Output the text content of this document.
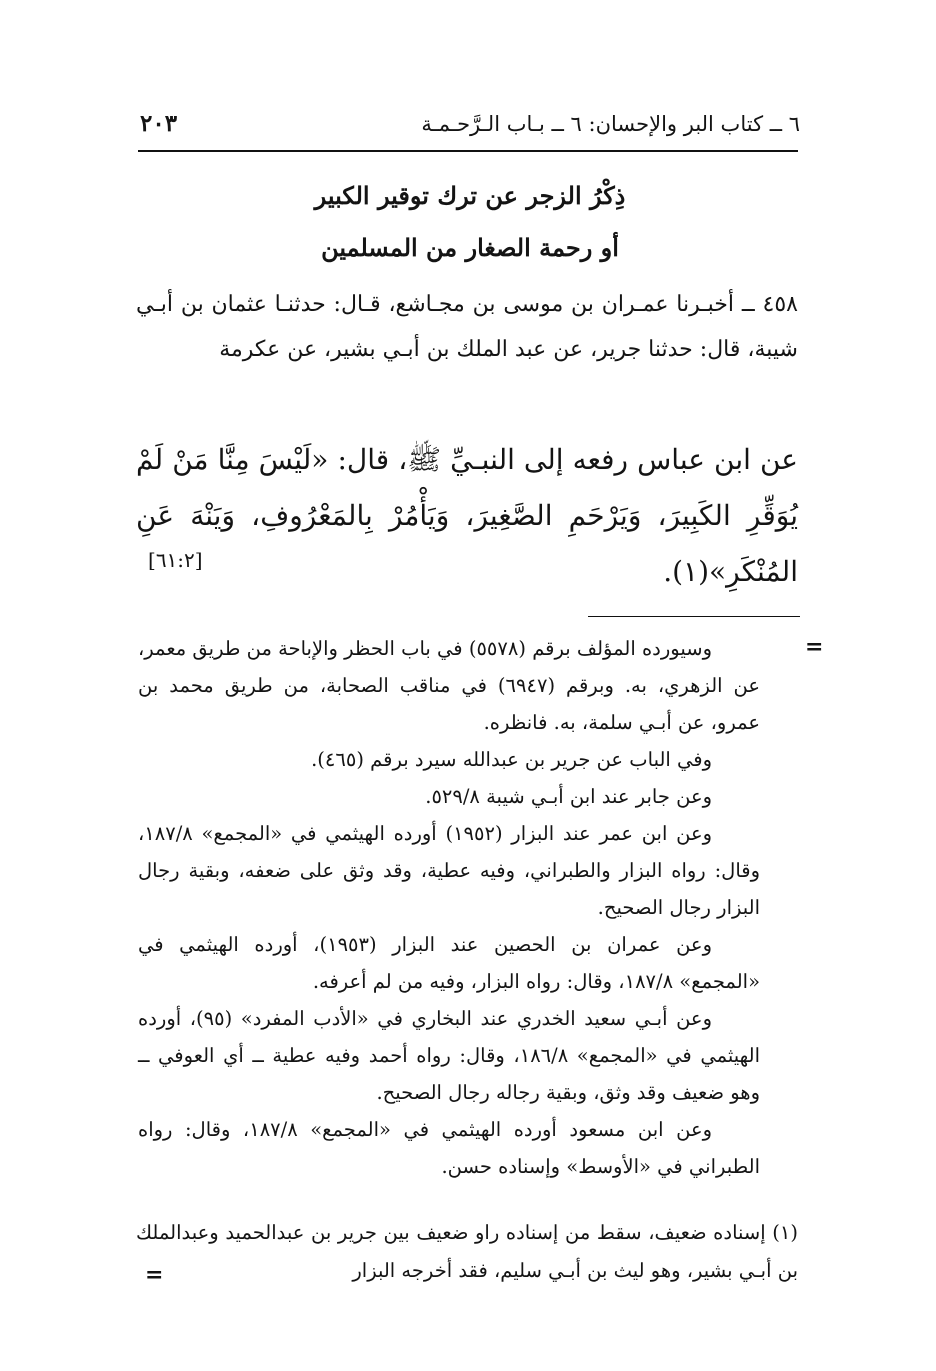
٦ ــ كتاب البر والإحسان: ٦ ــ بـاب الـرَّحـمـة
٢٠٣
ذِكْرُ الزجر عن ترك توقير الكبير
أو رحمة الصغار من المسلمين

٤٥٨ ــ أخبـرنا عمـران بن موسى بن مجـاشع، قـال: حدثنـا عثمان بن أبـي شيبة، قال: حدثنا جرير، عن عبد الملك بن أبـي بشير، عن عكرمة

عن ابن عباس رفعه إلى النبـيِّ ﷺ، قال: «لَيْسَ مِنَّا مَنْ لَمْ يُوَقِّرِ الكَبِيرَ، وَيَرْحَمِ الصَّغِيرَ، وَيَأْمُرْ بِالمَعْرُوفِ، وَيَنْهَ عَنِ المُنْكَرِ»(١).

[٦١:٢]
=

وسيورده المؤلف برقم (٥٥٧٨) في باب الحظر والإباحة من طريق معمر، عن الزهري، به. وبرقم (٦٩٤٧) في مناقب الصحابة، من طريق محمد بن عمرو، عن أبـي سلمة، به. فانظره.

وفي الباب عن جرير بن عبدالله سيرد برقم (٤٦٥).

وعن جابر عند ابن أبـي شيبة ٥٢٩/٨.

وعن ابن عمر عند البزار (١٩٥٢) أورده الهيثمي في «المجمع» ١٨٧/٨، وقال: رواه البزار والطبراني، وفيه عطية، وقد وثق على ضعفه، وبقية رجال البزار رجال الصحيح.

وعن عمران بن الحصين عند البزار (١٩٥٣)، أورده الهيثمي في «المجمع» ١٨٧/٨، وقال: رواه البزار، وفيه من لم أعرفه.

وعن أبـي سعيد الخدري عند البخاري في «الأدب المفرد» (٩٥)، أورده الهيثمي في «المجمع» ١٨٦/٨، وقال: رواه أحمد وفيه عطية ــ أي العوفي ــ وهو ضعيف وقد وثق، وبقية رجاله رجال الصحيح.

وعن ابن مسعود أورده الهيثمي في «المجمع» ١٨٧/٨، وقال: رواه الطبراني في «الأوسط» وإسناده حسن.

(١) إسناده ضعيف، سقط من إسناده راو ضعيف بين جرير بن عبدالحميد وعبدالملك بن أبـي بشير، وهو ليث بن أبـي سليم، فقد أخرجه البزار

=
